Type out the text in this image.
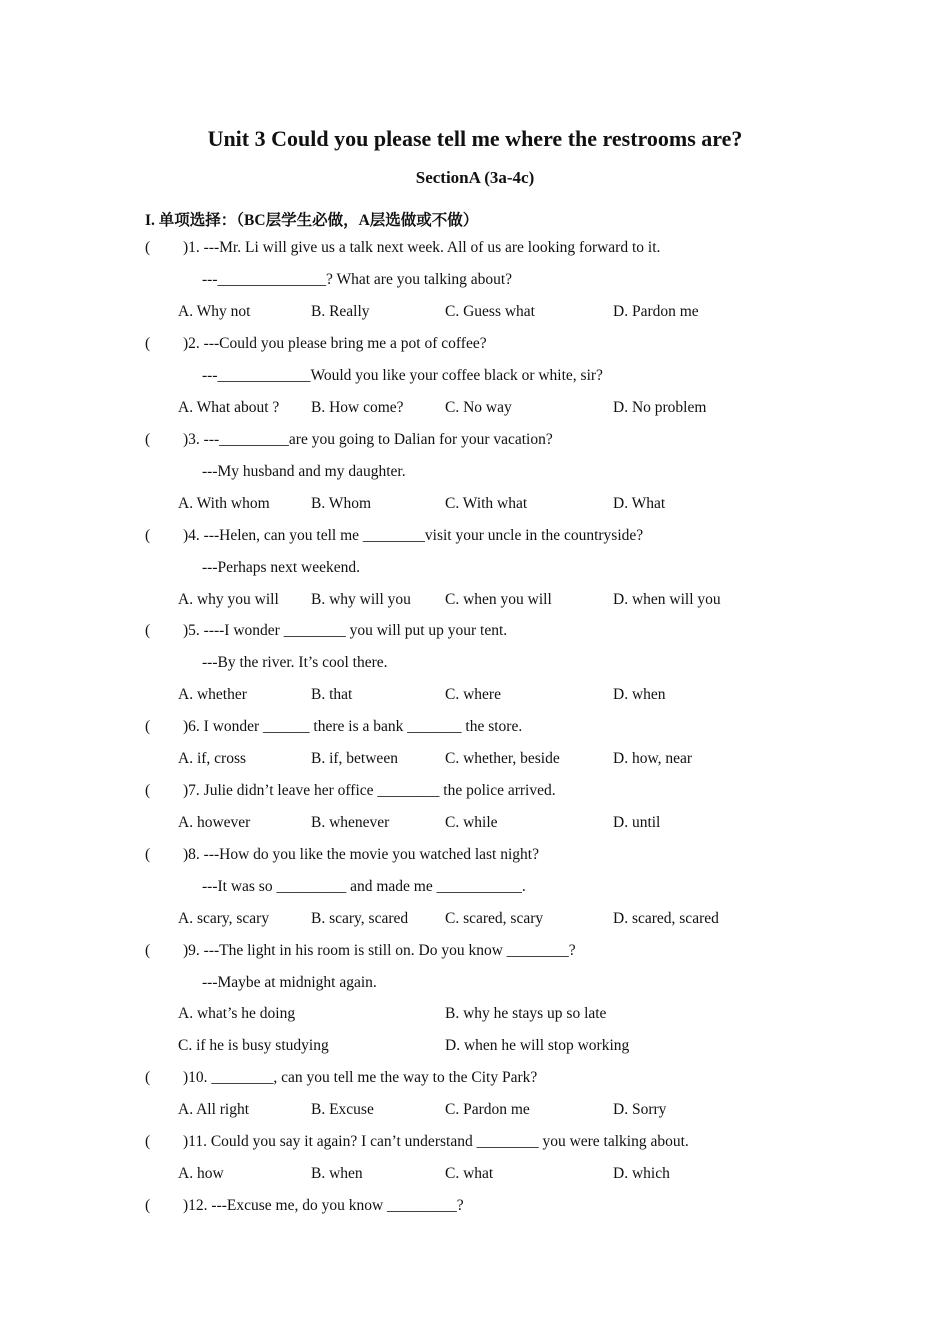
Unit 3 Could you please tell me where the restrooms are?
SectionA (3a-4c)
I. 单项选择：（BC层学生必做，A层选做或不做）
( )1. ---Mr. Li will give us a talk next week. All of us are looking forward to it.
---______________? What are you talking about?
A. Why not	B. Really	C. Guess what	D. Pardon me
( )2. ---Could you please bring me a pot of coffee?
---____________Would you like your coffee black or white, sir?
A. What about ? B. How come?	C. No way	D. No problem
( )3. ---_________are you going to Dalian for your vacation?
---My husband and my daughter.
A. With whom	B. Whom	C. With what	D. What
( )4. ---Helen, can you tell me ________visit your uncle in the countryside?
---Perhaps next weekend.
A. why you will B. why will you C. when you will	D. when will you
( )5. ----I wonder ________ you will put up your tent.
---By the river. It’s cool there.
A. whether	B. that	C. where	D. when
( )6. I wonder ______ there is a bank _______ the store.
A. if, cross	B. if, between	C. whether, beside	D. how, near
( )7. Julie didn’t leave her office ________ the police arrived.
A. however	B. whenever	C. while	D. until
( )8. ---How do you like the movie you watched last night?
---It was so _________ and made me ___________.
A. scary, scary	B. scary, scared C. scared, scary	D. scared, scared
( )9. ---The light in his room is still on. Do you know ________?
---Maybe at midnight again.
A. what’s he doing	B. why he stays up so late
C. if he is busy studying	D. when he will stop working
( )10. ________, can you tell me the way to the City Park?
A. All right	B. Excuse	C. Pardon me	D. Sorry
( )11. Could you say it again? I can’t understand ________ you were talking about.
A. how	B. when	C. what	D. which
( )12. ---Excuse me, do you know _________?
